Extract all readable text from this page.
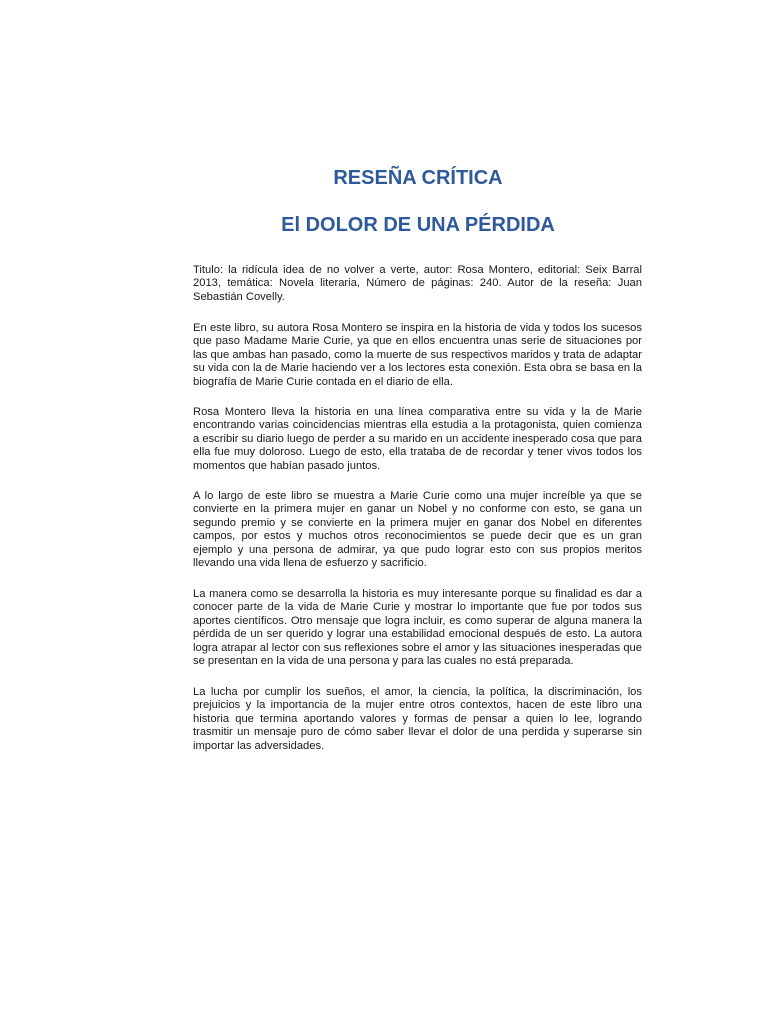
RESEÑA CRÍTICA
El DOLOR DE UNA PÉRDIDA

Titulo: la ridícula idea de no volver a verte, autor: Rosa Montero, editorial: Seix Barral 2013, temática: Novela literaria, Número de páginas: 240. Autor de la reseña: Juan Sebastián Covelly.

En este libro, su autora Rosa Montero se inspira en la historia de vida y todos los sucesos que paso Madame Marie Curie, ya que en ellos encuentra unas serie de situaciones por las que ambas han pasado, como la muerte de sus respectivos maridos y trata de adaptar su vida con la de Marie haciendo ver a los lectores esta conexión. Esta obra se basa en la biografía de Marie Curie contada en el diario de ella.

Rosa Montero lleva la historia en una línea comparativa entre su vida y la de Marie encontrando varias coincidencias mientras ella estudia a la protagonista, quien comienza a escribir su diario luego de perder a su marido en un accidente inesperado cosa que para ella fue muy doloroso. Luego de esto, ella trataba de de recordar y tener vivos todos los momentos que habían pasado juntos.

A lo largo de este libro se muestra a Marie Curie como una mujer increíble ya que se convierte en la primera mujer en ganar un Nobel y no conforme con esto, se gana un segundo premio y se convierte en la primera mujer en ganar dos Nobel en diferentes campos, por estos y muchos otros reconocimientos se puede decir que es un gran ejemplo y una persona de admirar, ya que pudo lograr esto con sus propios meritos llevando una vida llena de esfuerzo y sacrificio.

La manera como se desarrolla la historia es muy interesante porque su finalidad es dar a conocer parte de la vida de Marie Curie y mostrar lo importante que fue por todos sus aportes científicos. Otro mensaje que logra incluir, es como superar de alguna manera la pérdida de un ser querido y lograr una estabilidad emocional después de esto. La autora logra atrapar al lector con sus reflexiones sobre el amor y las situaciones inesperadas que se presentan en la vida de una persona y para las cuales no está preparada.

La lucha por cumplir los sueños, el amor, la ciencia, la política, la discriminación, los prejuicios y la importancia de la mujer entre otros contextos, hacen de este libro una historia que termina aportando valores y formas de pensar a quien lo lee, logrando trasmitir un mensaje puro de cómo saber llevar el dolor de una perdida y superarse sin importar las adversidades.
